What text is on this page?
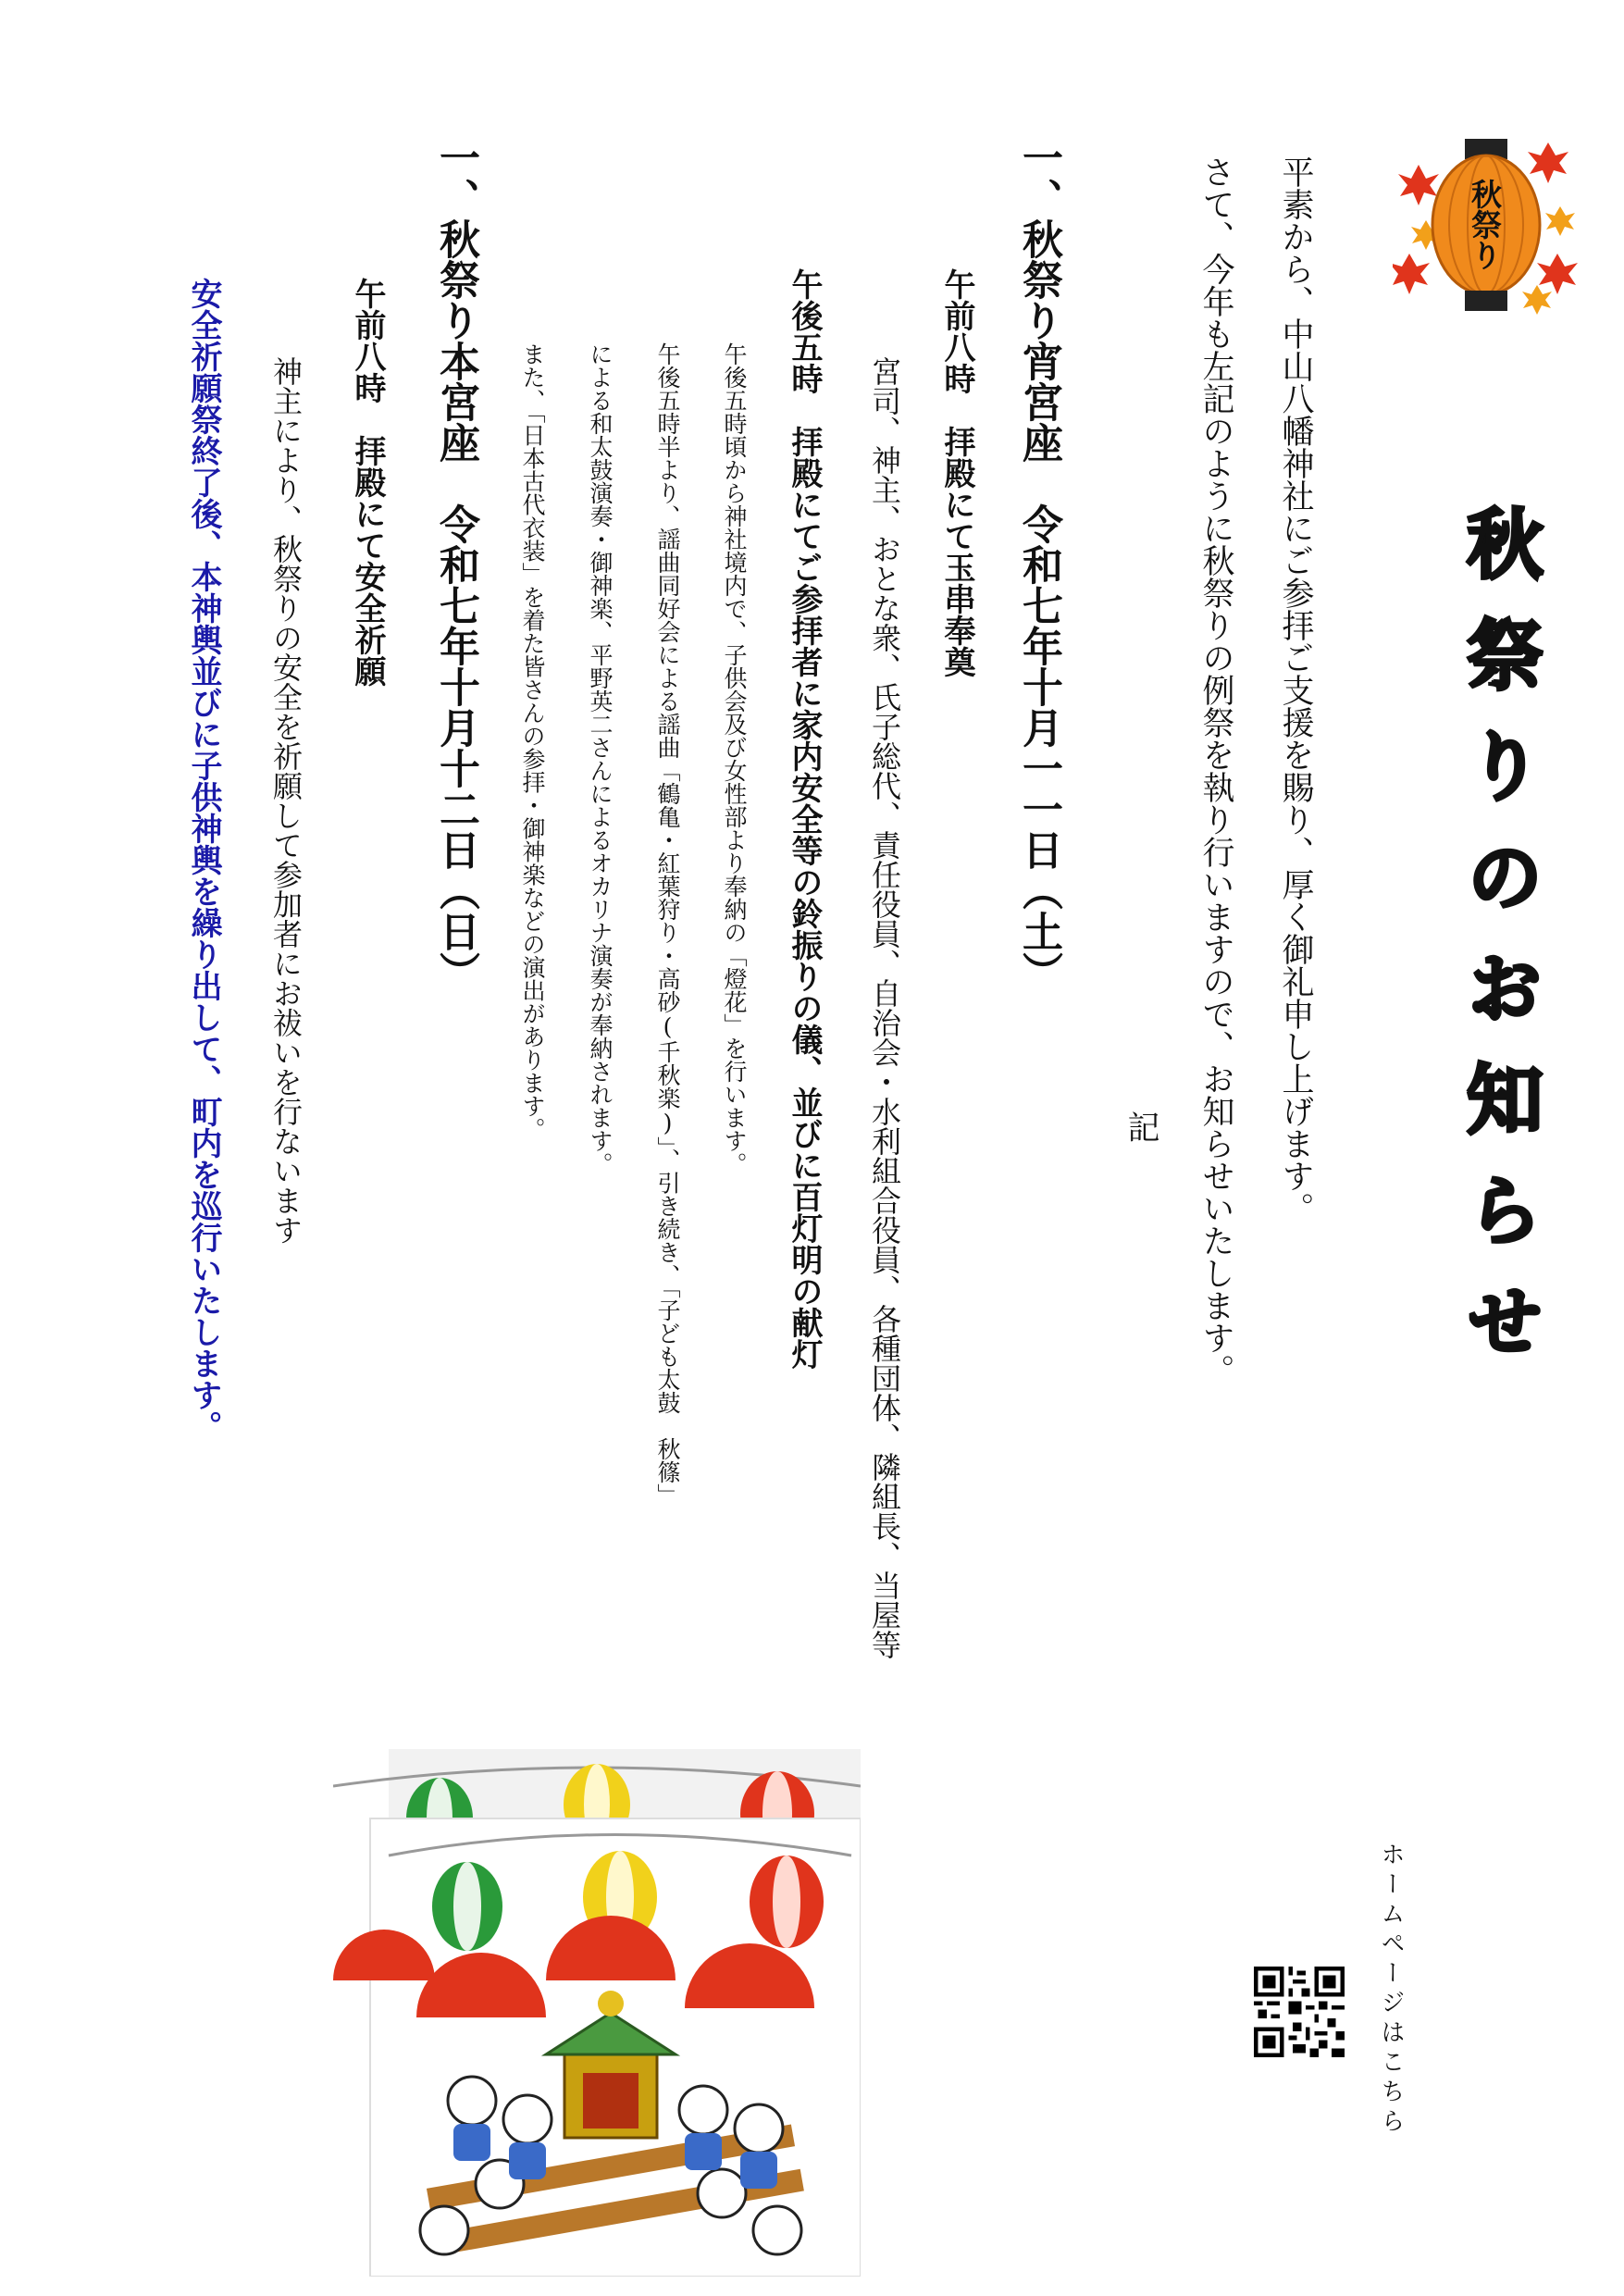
秋祭り
秋祭りのお知らせ
平素から、中山八幡神社にご参拝ご支援を賜り、厚く御礼申し上げます。
さて、今年も左記のように秋祭りの例祭を執り行いますので、お知らせいたします。
記
一、秋祭り宵宮座　令和七年十月一一日（土）
午前八時　拝殿にて玉串奉奠
宮司、神主、おとな衆、氏子総代、責任役員、自治会・水利組合役員、各種団体、隣組長、当屋等
午後五時　拝殿にてご参拝者に家内安全等の鈴振りの儀、並びに百灯明の献灯
午後五時頃から神社境内で、子供会及び女性部より奉納の「燈花」を行います。
午後五時半より、謡曲同好会による謡曲「鶴亀・紅葉狩り・高砂(千秋楽)」、引き続き、「子ども太鼓　秋篠」
による和太鼓演奏・御神楽、平野英二さんによるオカリナ演奏が奉納されます。
また、「日本古代衣装」を着た皆さんの参拝・御神楽などの演出があります。
一、秋祭り本宮座　令和七年十月十二日（日）
午前八時　拝殿にて安全祈願
神主により、秋祭りの安全を祈願して参加者にお祓いを行ないます
安全祈願祭終了後、本神輿並びに子供神輿を繰り出して、町内を巡行いたします。
ホームページはこちら
